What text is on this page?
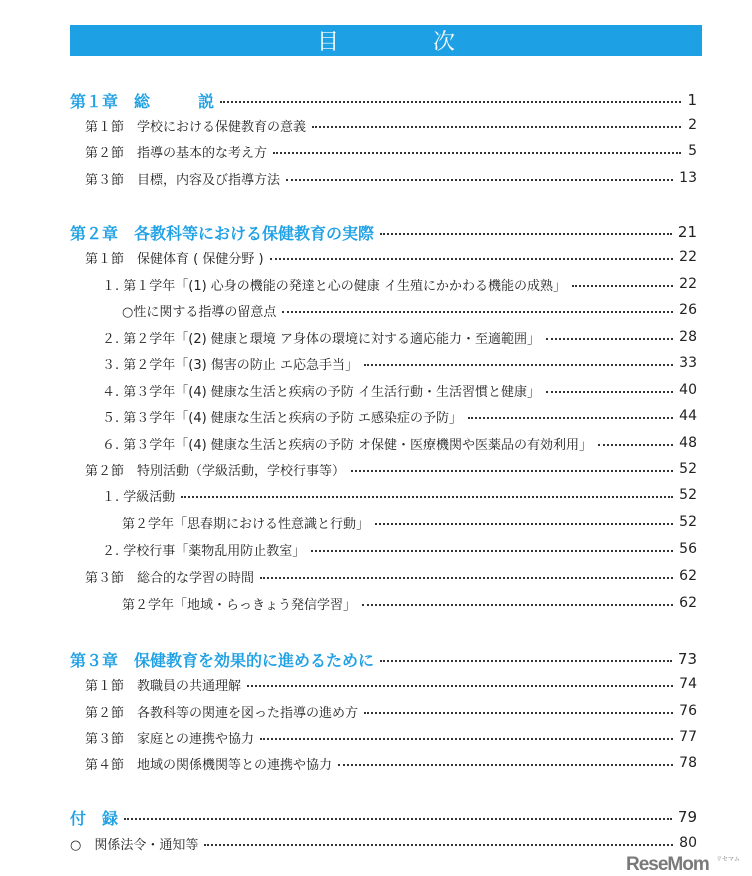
目　次
第１章　総　　　説	1
第１節　学校における保健教育の意義	2
第２節　指導の基本的な考え方	5
第３節　目標，内容及び指導方法	13
第２章　各教科等における保健教育の実際	21
第１節　保健体育 ( 保健分野 )	22
１. 第１学年「(1) 心身の機能の発達と心の健康 イ生殖にかかわる機能の成熟」	22
○性に関する指導の留意点	26
２. 第２学年「(2) 健康と環境 ア身体の環境に対する適応能力・至適範囲」	28
３. 第２学年「(3) 傷害の防止 エ応急手当」	33
４. 第３学年「(4) 健康な生活と疾病の予防 イ生活行動・生活習慣と健康」	40
５. 第３学年「(4) 健康な生活と疾病の予防 エ感染症の予防」	44
６. 第３学年「(4) 健康な生活と疾病の予防 オ保健・医療機関や医薬品の有効利用」	48
第２節　特別活動（学級活動，学校行事等）	52
１. 学級活動	52
第２学年「思春期における性意識と行動」	52
２. 学校行事「薬物乱用防止教室」	56
第３節　総合的な学習の時間	62
第２学年「地域・らっきょう発信学習」	62
第３章　保健教育を効果的に進めるために	73
第１節　教職員の共通理解	74
第２節　各教科等の関連を図った指導の進め方	76
第３節　家庭との連携や協力	77
第４節　地域の関係機関等との連携や協力	78
付　録	79
○　関係法令・通知等	80
ReseMom リセマム
